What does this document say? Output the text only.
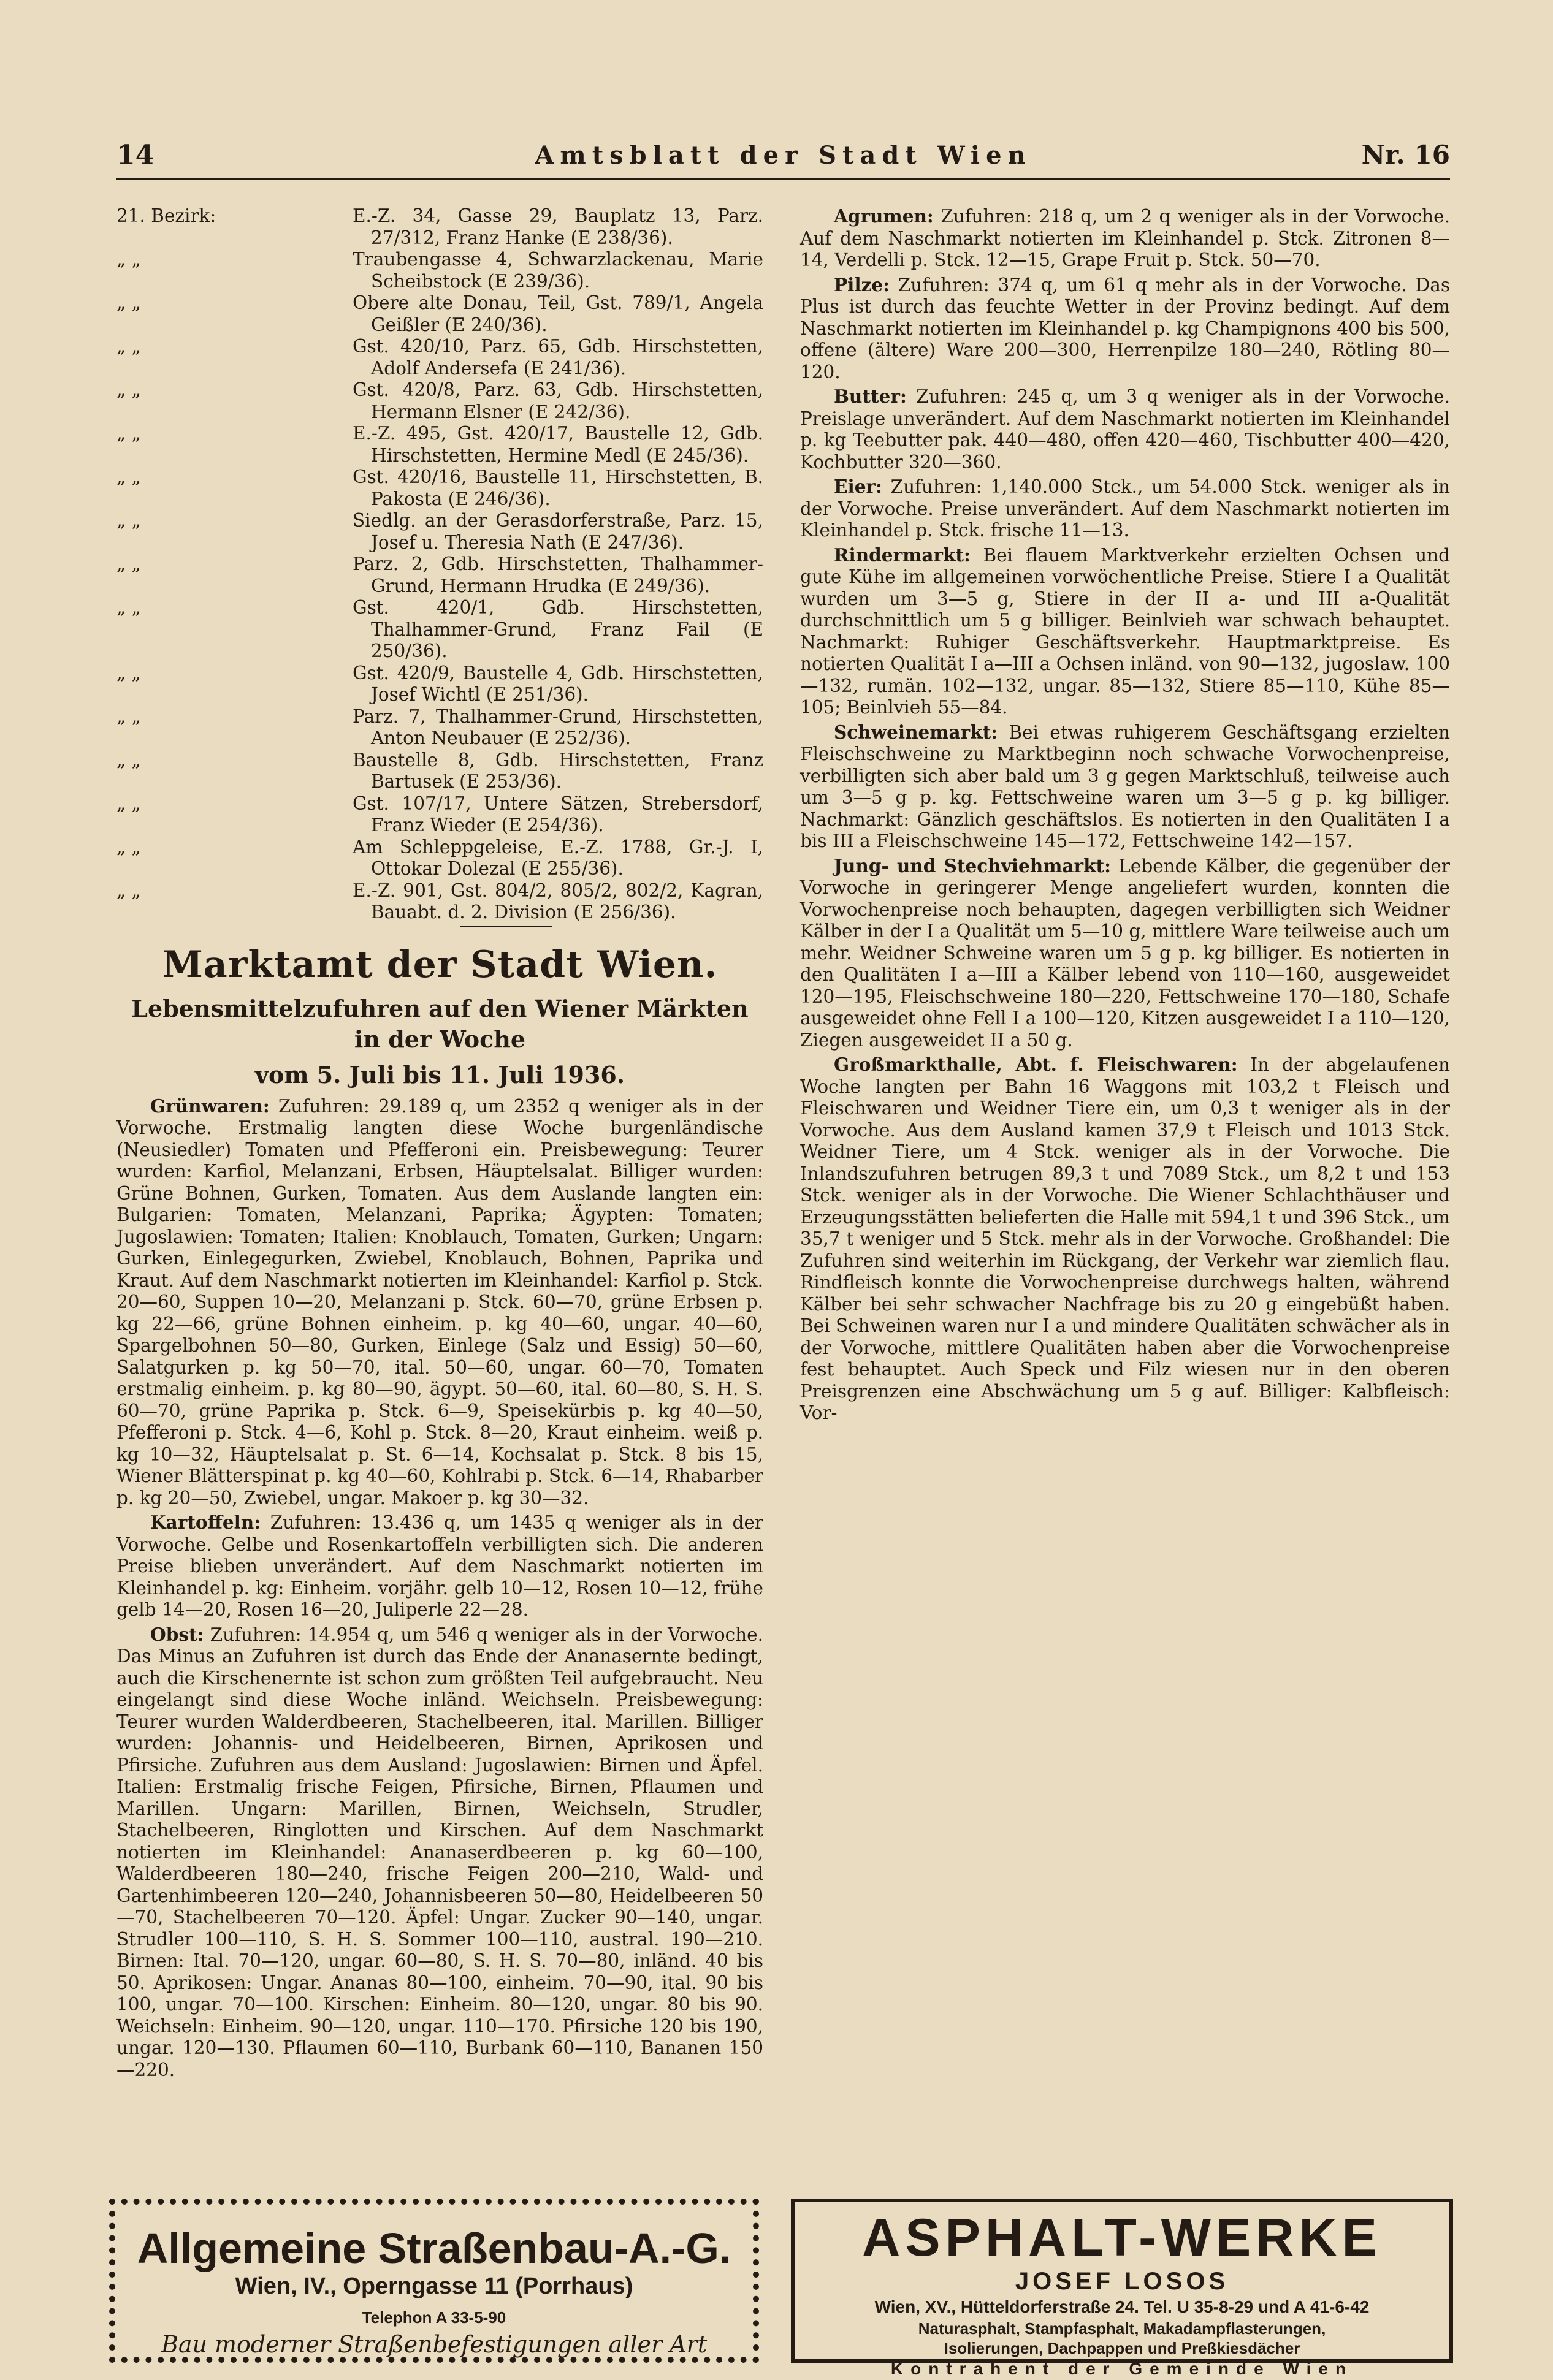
14	Amtsblatt der Stadt Wien	Nr. 16
21. Bezirk:	E.-Z. 34, Gasse 29, Bauplatz 13, Parz. 27/312, Franz Hanke (E 238/36).
„ „	Traubengasse 4, Schwarzlackenau, Marie Scheibstock (E 239/36).
„ „	Obere alte Donau, Teil, Gst. 789/1, Angela Geißler (E 240/36).
„ „	Gst. 420/10, Parz. 65, Gdb. Hirschstetten, Adolf Andersefa (E 241/36).
„ „	Gst. 420/8, Parz. 63, Gdb. Hirschstetten, Hermann Elsner (E 242/36).
„ „	E.-Z. 495, Gst. 420/17, Baustelle 12, Gdb. Hirschstetten, Hermine Medl (E 245/36).
„ „	Gst. 420/16, Baustelle 11, Hirschstetten, B. Pakosta (E 246/36).
„ „	Siedlg. an der Gerasdorferstraße, Parz. 15, Josef u. Theresia Nath (E 247/36).
„ „	Parz. 2, Gdb. Hirschstetten, Thalhammer-Grund, Hermann Hrudka (E 249/36).
„ „	Gst. 420/1, Gdb. Hirschstetten, Thalhammer-Grund, Franz Fail (E 250/36).
„ „	Gst. 420/9, Baustelle 4, Gdb. Hirschstetten, Josef Wichtl (E 251/36).
„ „	Parz. 7, Thalhammer-Grund, Hirschstetten, Anton Neubauer (E 252/36).
„ „	Baustelle 8, Gdb. Hirschstetten, Franz Bartusek (E 253/36).
„ „	Gst. 107/17, Untere Sätzen, Strebersdorf, Franz Wieder (E 254/36).
„ „	Am Schleppgeleise, E.-Z. 1788, Gr.-J. I, Ottokar Dolezal (E 255/36).
„ „	E.-Z. 901, Gst. 804/2, 805/2, 802/2, Kagran, Bauabt. d. 2. Division (E 256/36).
Marktamt der Stadt Wien.
Lebensmittelzufuhren auf den Wiener Märkten in der Woche
vom 5. Juli bis 11. Juli 1936.

Grünwaren: Zufuhren: 29.189 q, um 2352 q weniger als in der Vorwoche. Erstmalig langten diese Woche burgenländische (Neusiedler) Tomaten und Pfefferoni ein. Preisbewegung: Teurer wurden: Karfiol, Melanzani, Erbsen, Häuptelsalat. Billiger wurden: Grüne Bohnen, Gurken, Tomaten. Aus dem Auslande langten ein: Bulgarien: Tomaten, Melanzani, Paprika; Ägypten: Tomaten; Jugoslawien: Tomaten; Italien: Knoblauch, Tomaten, Gurken; Ungarn: Gurken, Einlegegurken, Zwiebel, Knoblauch, Bohnen, Paprika und Kraut. Auf dem Naschmarkt notierten im Kleinhandel: Karfiol p. Stck. 20—60, Suppen 10—20, Melanzani p. Stck. 60—70, grüne Erbsen p. kg 22—66, grüne Bohnen einheim. p. kg 40—60, ungar. 40—60, Spargelbohnen 50—80, Gurken, Einlege (Salz und Essig) 50—60, Salatgurken p. kg 50—70, ital. 50—60, ungar. 60—70, Tomaten erstmalig einheim. p. kg 80—90, ägypt. 50—60, ital. 60—80, S. H. S. 60—70, grüne Paprika p. Stck. 6—9, Speisekürbis p. kg 40—50, Pfefferoni p. Stck. 4—6, Kohl p. Stck. 8—20, Kraut einheim. weiß p. kg 10—32, Häuptelsalat p. St. 6—14, Kochsalat p. Stck. 8 bis 15, Wiener Blätterspinat p. kg 40—60, Kohlrabi p. Stck. 6—14, Rhabarber p. kg 20—50, Zwiebel, ungar. Makoer p. kg 30—32.

Kartoffeln: Zufuhren: 13.436 q, um 1435 q weniger als in der Vorwoche. Gelbe und Rosenkartoffeln verbilligten sich. Die anderen Preise blieben unverändert. Auf dem Naschmarkt notierten im Kleinhandel p. kg: Einheim. vorjähr. gelb 10—12, Rosen 10—12, frühe gelb 14—20, Rosen 16—20, Juliperle 22—28.

Obst: Zufuhren: 14.954 q, um 546 q weniger als in der Vorwoche. Das Minus an Zufuhren ist durch das Ende der Ananasernte bedingt, auch die Kirschenernte ist schon zum größten Teil aufgebraucht. Neu eingelangt sind diese Woche inländ. Weichseln. Preisbewegung: Teurer wurden Walderdbeeren, Stachelbeeren, ital. Marillen. Billiger wurden: Johannis- und Heidelbeeren, Birnen, Aprikosen und Pfirsiche. Zufuhren aus dem Ausland: Jugoslawien: Birnen und Äpfel. Italien: Erstmalig frische Feigen, Pfirsiche, Birnen, Pflaumen und Marillen. Ungarn: Marillen, Birnen, Weichseln, Strudler, Stachelbeeren, Ringlotten und Kirschen. Auf dem Naschmarkt notierten im Kleinhandel: Ananaserdbeeren p. kg 60—100, Walderdbeeren 180—240, frische Feigen 200—210, Wald- und Gartenhimbeeren 120—240, Johannisbeeren 50—80, Heidelbeeren 50—70, Stachelbeeren 70—120. Äpfel: Ungar. Zucker 90—140, ungar. Strudler 100—110, S. H. S. Sommer 100—110, austral. 190—210. Birnen: Ital. 70—120, ungar. 60—80, S. H. S. 70—80, inländ. 40 bis 50. Aprikosen: Ungar. Ananas 80—100, einheim. 70—90, ital. 90 bis 100, ungar. 70—100. Kirschen: Einheim. 80—120, ungar. 80 bis 90. Weichseln: Einheim. 90—120, ungar. 110—170. Pfirsiche 120 bis 190, ungar. 120—130. Pflaumen 60—110, Burbank 60—110, Bananen 150—220.

Agrumen: Zufuhren: 218 q, um 2 q weniger als in der Vorwoche. Auf dem Naschmarkt notierten im Kleinhandel p. Stck. Zitronen 8—14, Verdelli p. Stck. 12—15, Grape Fruit p. Stck. 50—70.

Pilze: Zufuhren: 374 q, um 61 q mehr als in der Vorwoche. Das Plus ist durch das feuchte Wetter in der Provinz bedingt. Auf dem Naschmarkt notierten im Kleinhandel p. kg Champignons 400 bis 500, offene (ältere) Ware 200—300, Herrenpilze 180—240, Rötling 80—120.

Butter: Zufuhren: 245 q, um 3 q weniger als in der Vorwoche. Preislage unverändert. Auf dem Naschmarkt notierten im Kleinhandel p. kg Teebutter pak. 440—480, offen 420—460, Tischbutter 400—420, Kochbutter 320—360.

Eier: Zufuhren: 1,140.000 Stck., um 54.000 Stck. weniger als in der Vorwoche. Preise unverändert. Auf dem Naschmarkt notierten im Kleinhandel p. Stck. frische 11—13.

Rindermarkt: Bei flauem Marktverkehr erzielten Ochsen und gute Kühe im allgemeinen vorwöchentliche Preise. Stiere I a Qualität wurden um 3—5 g, Stiere in der II a- und III a-Qualität durchschnittlich um 5 g billiger. Beinlvieh war schwach behauptet. Nachmarkt: Ruhiger Geschäftsverkehr. Hauptmarktpreise. Es notierten Qualität I a—III a Ochsen inländ. von 90—132, jugoslaw. 100—132, rumän. 102—132, ungar. 85—132, Stiere 85—110, Kühe 85—105; Beinlvieh 55—84.

Schweinemarkt: Bei etwas ruhigerem Geschäftsgang erzielten Fleischschweine zu Marktbeginn noch schwache Vorwochenpreise, verbilligten sich aber bald um 3 g gegen Marktschluß, teilweise auch um 3—5 g p. kg. Fettschweine waren um 3—5 g p. kg billiger. Nachmarkt: Gänzlich geschäftslos. Es notierten in den Qualitäten I a bis III a Fleischschweine 145—172, Fettschweine 142—157.

Jung- und Stechviehmarkt: Lebende Kälber, die gegenüber der Vorwoche in geringerer Menge angeliefert wurden, konnten die Vorwochenpreise noch behaupten, dagegen verbilligten sich Weidner Kälber in der I a Qualität um 5—10 g, mittlere Ware teilweise auch um mehr. Weidner Schweine waren um 5 g p. kg billiger. Es notierten in den Qualitäten I a—III a Kälber lebend von 110—160, ausgeweidet 120—195, Fleischschweine 180—220, Fettschweine 170—180, Schafe ausgeweidet ohne Fell I a 100—120, Kitzen ausgeweidet I a 110—120, Ziegen ausgeweidet II a 50 g.

Großmarkthalle, Abt. f. Fleischwaren: In der abgelaufenen Woche langten per Bahn 16 Waggons mit 103,2 t Fleisch und Fleischwaren und Weidner Tiere ein, um 0,3 t weniger als in der Vorwoche. Aus dem Ausland kamen 37,9 t Fleisch und 1013 Stck. Weidner Tiere, um 4 Stck. weniger als in der Vorwoche. Die Inlandszufuhren betrugen 89,3 t und 7089 Stck., um 8,2 t und 153 Stck. weniger als in der Vorwoche. Die Wiener Schlachthäuser und Erzeugungsstätten belieferten die Halle mit 594,1 t und 396 Stck., um 35,7 t weniger und 5 Stck. mehr als in der Vorwoche. Großhandel: Die Zufuhren sind weiterhin im Rückgang, der Verkehr war ziemlich flau. Rindfleisch konnte die Vorwochenpreise durchwegs halten, während Kälber bei sehr schwacher Nachfrage bis zu 20 g eingebüßt haben. Bei Schweinen waren nur I a und mindere Qualitäten schwächer als in der Vorwoche, mittlere Qualitäten haben aber die Vorwochenpreise fest behauptet. Auch Speck und Filz wiesen nur in den oberen Preisgrenzen eine Abschwächung um 5 g auf. Billiger: Kalbfleisch: Vor-

Allgemeine Straßenbau-A.-G.
Wien, IV., Operngasse 11 (Porrhaus)
Telephon A 33-5-90
Bau moderner Straßenbefestigungen aller Art
ASPHALT-WERKE
JOSEF LOSOS
Wien, XV., Hütteldorferstraße 24. Tel. U 35-8-29 und A 41-6-42
Naturasphalt, Stampfasphalt, Makadampflasterungen,
Isolierungen, Dachpappen und Preßkiesdächer
Kontrahent der Gemeinde Wien
